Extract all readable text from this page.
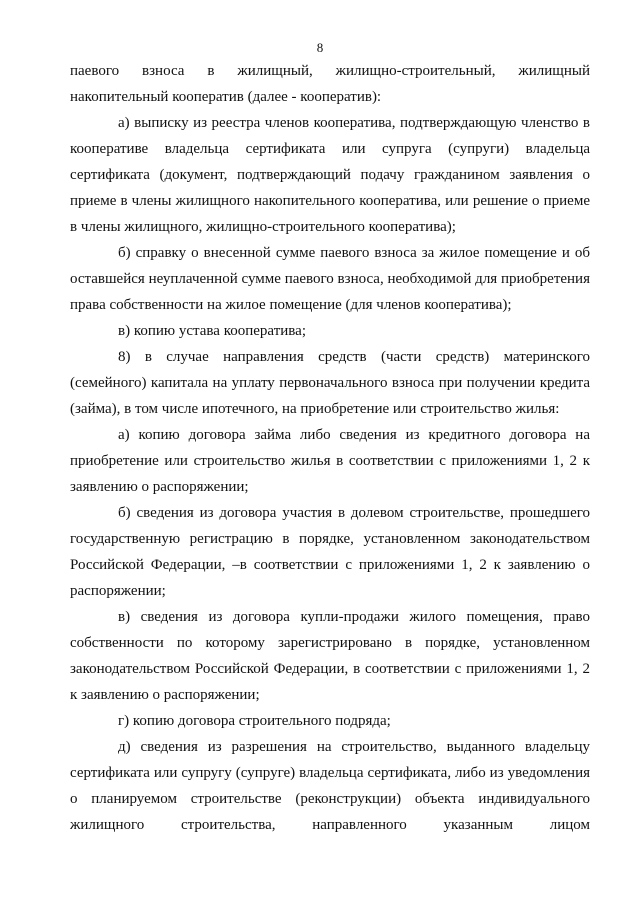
8

паевого взноса в жилищный, жилищно-строительный, жилищный накопительный кооператив (далее - кооператив):

а) выписку из реестра членов кооператива, подтверждающую членство в кооперативе владельца сертификата или супруга (супруги) владельца сертификата (документ, подтверждающий подачу гражданином заявления о приеме в члены жилищного накопительного кооператива, или решение о приеме в члены жилищного, жилищно-строительного кооператива);

б) справку о внесенной сумме паевого взноса за жилое помещение и об оставшейся неуплаченной сумме паевого взноса, необходимой для приобретения права собственности на жилое помещение (для членов кооператива);

в) копию устава кооператива;

8) в случае направления средств (части средств) материнского (семейного) капитала на уплату первоначального взноса при получении кредита (займа), в том числе ипотечного, на приобретение или строительство жилья:

а) копию договора займа либо сведения из кредитного договора на приобретение или строительство жилья в соответствии с приложениями 1, 2 к заявлению о распоряжении;

б) сведения из договора участия в долевом строительстве, прошедшего государственную регистрацию в порядке, установленном законодательством Российской Федерации, –в соответствии с приложениями 1, 2 к заявлению о распоряжении;

в) сведения из договора купли-продажи жилого помещения, право собственности по которому зарегистрировано в порядке, установленном законодательством Российской Федерации, в соответствии с приложениями 1, 2 к заявлению о распоряжении;

г) копию договора строительного подряда;

д) сведения из разрешения на строительство, выданного владельцу сертификата или супругу (супруге) владельца сертификата, либо из уведомления о планируемом строительстве (реконструкции) объекта индивидуального жилищного строительства, направленного указанным лицом
